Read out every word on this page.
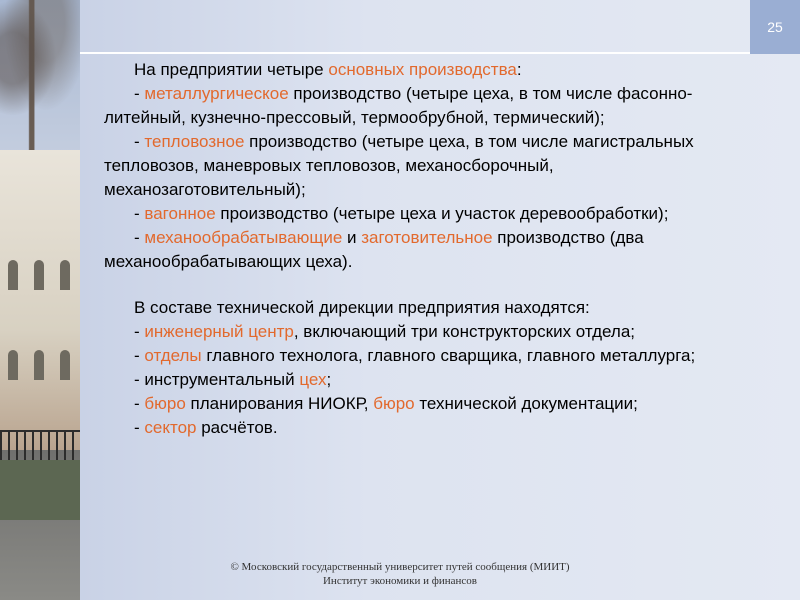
25

На предприятии четыре основных производства:

- металлургическое производство (четыре цеха, в том числе фасонно-литейный, кузнечно-прессовый, термообрубной, термический);

- тепловозное производство (четыре цеха, в том числе магистральных тепловозов, маневровых тепловозов, механосборочный, механозаготовительный);

- вагонное производство (четыре цеха и участок деревообработки);

- механообрабатывающие и заготовительное производство (два механообрабатывающих цеха).

В составе технической дирекции предприятия находятся:

- инженерный центр, включающий три конструкторских отдела;

- отделы главного технолога, главного сварщика, главного металлурга;

- инструментальный цех;

- бюро планирования НИОКР, бюро технической документации;

- сектор расчётов.

© Московский государственный университет путей сообщения (МИИТ)
Институт экономики и финансов
